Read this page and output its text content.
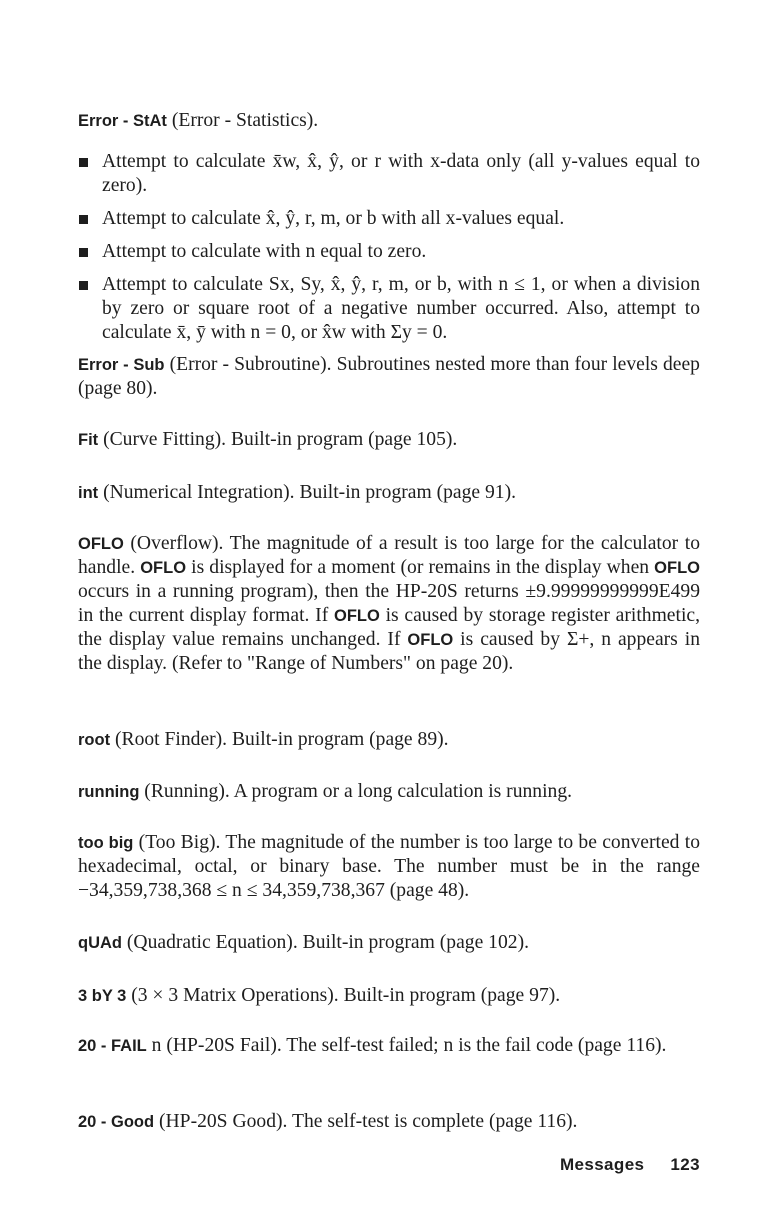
Error - StAt (Error - Statistics).
Attempt to calculate x̄w, x̂, ŷ, or r with x-data only (all y-values equal to zero).
Attempt to calculate x̂, ŷ, r, m, or b with all x-values equal.
Attempt to calculate with n equal to zero.
Attempt to calculate Sx, Sy, x̂, ŷ, r, m, or b, with n ≤ 1, or when a division by zero or square root of a negative number occurred. Also, attempt to calculate x̄, ȳ with n = 0, or x̂w with Σy = 0.
Error - Sub (Error - Subroutine). Subroutines nested more than four levels deep (page 80).
Fit (Curve Fitting). Built-in program (page 105).
int (Numerical Integration). Built-in program (page 91).
OFLO (Overflow). The magnitude of a result is too large for the calculator to handle. OFLO is displayed for a moment (or remains in the display when OFLO occurs in a running program), then the HP-20S returns ±9.99999999999E499 in the current display format. If OFLO is caused by storage register arithmetic, the display value remains unchanged. If OFLO is caused by Σ+, n appears in the display. (Refer to "Range of Numbers" on page 20).
root (Root Finder). Built-in program (page 89).
running (Running). A program or a long calculation is running.
too big (Too Big). The magnitude of the number is too large to be converted to hexadecimal, octal, or binary base. The number must be in the range −34,359,738,368 ≤ n ≤ 34,359,738,367 (page 48).
qUAd (Quadratic Equation). Built-in program (page 102).
3 bY 3 (3 × 3 Matrix Operations). Built-in program (page 97).
20 - FAIL n (HP-20S Fail). The self-test failed; n is the fail code (page 116).
20 - Good (HP-20S Good). The self-test is complete (page 116).
Messages 123
